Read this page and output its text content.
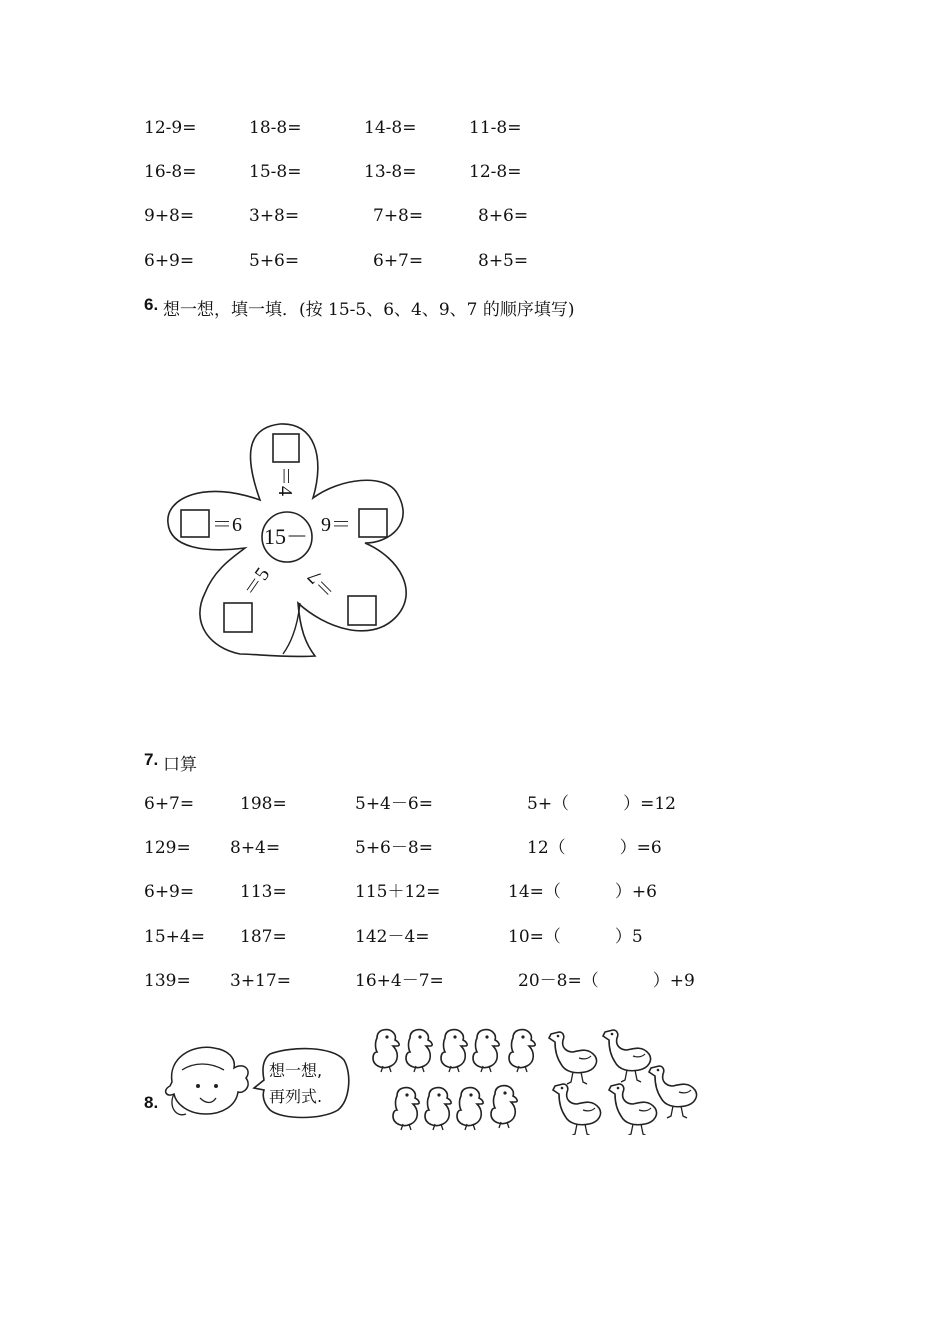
12-9=	18-8=	14-8=	11-8=
16-8=	15-8=	13-8=	12-8=
9+8=	3+8=	7+8=	8+6=
6+9=	5+6=	6+7=	8+5=
6. 想一想，填一填．(按 15-5、6、4、9、7 的顺序填写)
15－
＝4
＝6	9＝
＝5 ＝7
7. 口算
6+7=	198=	5+4－6=	5+（          ）=12
129= 8+4=	5+6－8=	12（          ）=6
6+9=	113=	115＋12=	14=（          ）+6
15+4= 187=	142－4=	10=（          ）5
139= 3+17=	16+4－7=	20－8=（          ）+9
8.
想一想,
再列式.
